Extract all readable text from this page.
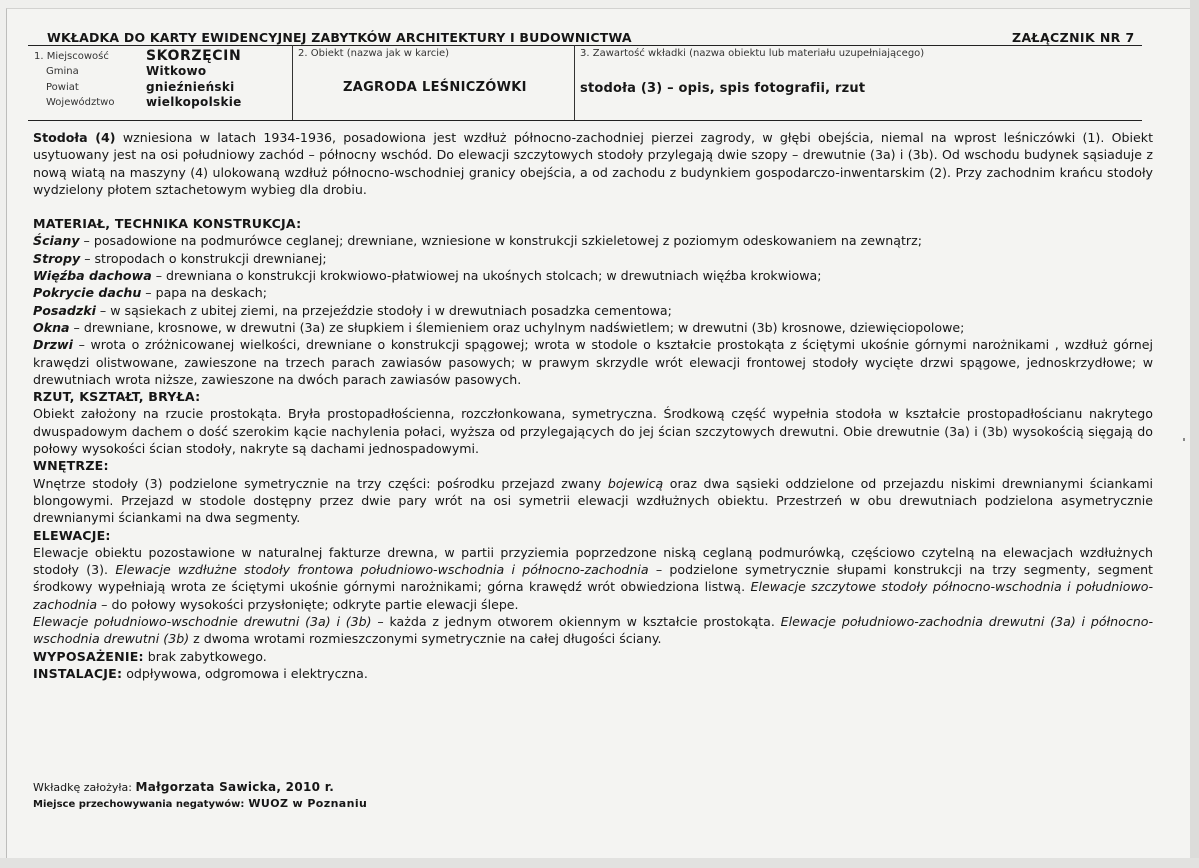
WKŁADKA DO KARTY EWIDENCYJNEJ ZABYTKÓW ARCHITEKTURY I BUDOWNICTWA	ZAŁĄCZNIK NR 7
1. Miejscowość	SKORZĘCIN
Gmina	Witkowo
Powiat	gnieźnieński
Województwo	wielkopolskie
2. Obiekt (nazwa jak w karcie)
ZAGRODA LEŚNICZÓWKI
3. Zawartość wkładki (nazwa obiektu lub materiału uzupełniającego)
stodoła (3) – opis, spis fotografii, rzut

Stodoła (4) wzniesiona w latach 1934-1936, posadowiona jest wzdłuż północno-zachodniej pierzei zagrody, w głębi obejścia, niemal na wprost leśniczówki (1). Obiekt usytuowany jest na osi południowy zachód – północny wschód. Do elewacji szczytowych stodoły przylegają dwie szopy – drewutnie (3a) i (3b). Od wschodu budynek sąsiaduje z nową wiatą na maszyny (4) ulokowaną wzdłuż północno-wschodniej granicy obejścia, a od zachodu z budynkiem gospodarczo-inwentarskim (2). Przy zachodnim krańcu stodoły wydzielony płotem sztachetowym wybieg dla drobiu.

MATERIAŁ, TECHNIKA KONSTRUKCJA:

Ściany – posadowione na podmurówce ceglanej; drewniane, wzniesione w konstrukcji szkieletowej z poziomym odeskowaniem na zewnątrz;

Stropy – stropodach o konstrukcji drewnianej;

Więźba dachowa – drewniana o konstrukcji krokwiowo-płatwiowej na ukośnych stolcach; w drewutniach więźba krokwiowa;

Pokrycie dachu – papa na deskach;

Posadzki – w sąsiekach z ubitej ziemi, na przejeździe stodoły i w drewutniach posadzka cementowa;

Okna – drewniane, krosnowe, w drewutni (3a) ze słupkiem i ślemieniem oraz uchylnym nadświetlem; w drewutni (3b) krosnowe, dziewięciopolowe;

Drzwi – wrota o zróżnicowanej wielkości, drewniane o konstrukcji spągowej; wrota w stodole o kształcie prostokąta z ściętymi ukośnie górnymi narożnikami , wzdłuż górnej krawędzi olistwowane, zawieszone na trzech parach zawiasów pasowych; w prawym skrzydle wrót elewacji frontowej stodoły wycięte drzwi spągowe, jednoskrzydłowe; w drewutniach wrota niższe, zawieszone na dwóch parach zawiasów pasowych.

RZUT, KSZTAŁT, BRYŁA:

Obiekt założony na rzucie prostokąta. Bryła prostopadłościenna, rozczłonkowana, symetryczna. Środkową część wypełnia stodoła w kształcie prostopadłościanu nakrytego dwuspadowym dachem o dość szerokim kącie nachylenia połaci, wyższa od przylegających do jej ścian szczytowych drewutni. Obie drewutnie (3a) i (3b) wysokością sięgają do połowy wysokości ścian stodoły, nakryte są dachami jednospadowymi.

WNĘTRZE:

Wnętrze stodoły (3) podzielone symetrycznie na trzy części: pośrodku przejazd zwany bojewicą oraz dwa sąsieki oddzielone od przejazdu niskimi drewnianymi ściankami blongowymi. Przejazd w stodole dostępny przez dwie pary wrót na osi symetrii elewacji wzdłużnych obiektu. Przestrzeń w obu drewutniach podzielona asymetrycznie drewnianymi ściankami na dwa segmenty.

ELEWACJE:

Elewacje obiektu pozostawione w naturalnej fakturze drewna, w partii przyziemia poprzedzone niską ceglaną podmurówką, częściowo czytelną na elewacjach wzdłużnych stodoły (3). Elewacje wzdłużne stodoły frontowa południowo-wschodnia i północno-zachodnia – podzielone symetrycznie słupami konstrukcji na trzy segmenty, segment środkowy wypełniają wrota ze ściętymi ukośnie górnymi narożnikami; górna krawędź wrót obwiedziona listwą. Elewacje szczytowe stodoły północno-wschodnia i południowo-zachodnia – do połowy wysokości przysłonięte; odkryte partie elewacji ślepe.

Elewacje południowo-wschodnie drewutni (3a) i (3b) – każda z jednym otworem okiennym w kształcie prostokąta. Elewacje południowo-zachodnia drewutni (3a) i północno-wschodnia drewutni (3b) z dwoma wrotami rozmieszczonymi symetrycznie na całej długości ściany.

WYPOSAŻENIE: brak zabytkowego.

INSTALACJE: odpływowa, odgromowa i elektryczna.

Wkładkę założyła: Małgorzata Sawicka, 2010 r.
Miejsce przechowywania negatywów: WUOZ w Poznaniu
